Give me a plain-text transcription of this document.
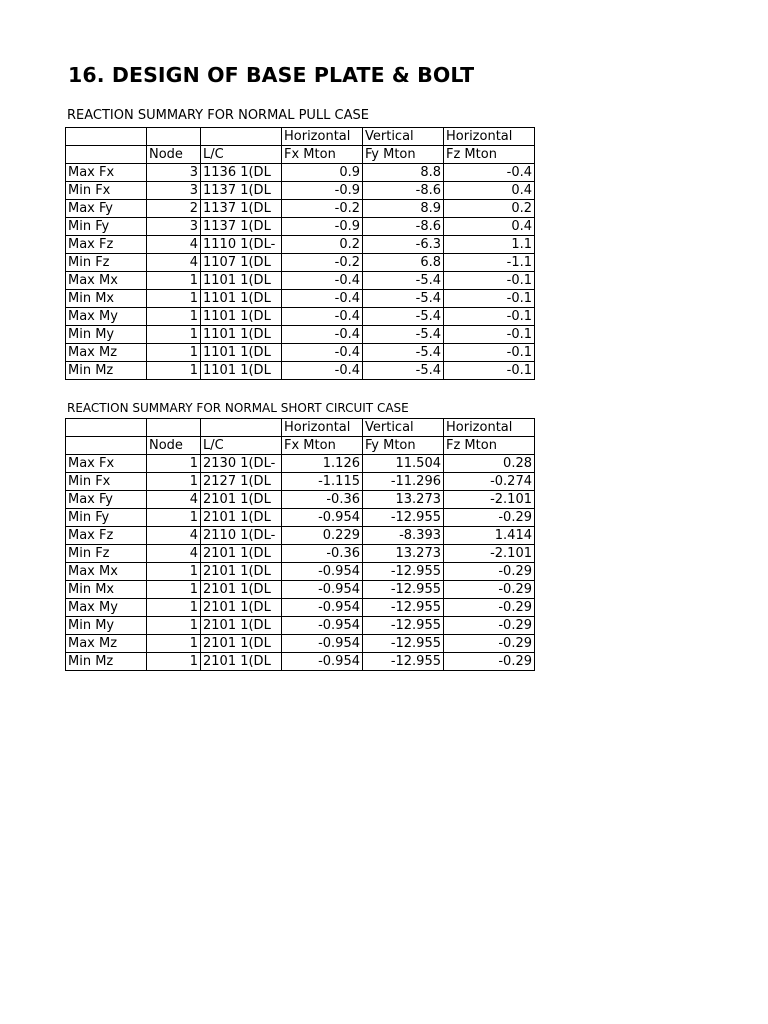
16. DESIGN OF BASE PLATE & BOLT
REACTION SUMMARY FOR NORMAL PULL CASE
			Horizontal	Vertical	Horizontal
	Node	L/C	Fx Mton	Fy Mton	Fz Mton
Max Fx	3	1136 1(DL	0.9	8.8	-0.4
Min Fx	3	1137 1(DL	-0.9	-8.6	0.4
Max Fy	2	1137 1(DL	-0.2	8.9	0.2
Min Fy	3	1137 1(DL	-0.9	-8.6	0.4
Max Fz	4	1110 1(DL-	0.2	-6.3	1.1
Min Fz	4	1107 1(DL	-0.2	6.8	-1.1
Max Mx	1	1101 1(DL	-0.4	-5.4	-0.1
Min Mx	1	1101 1(DL	-0.4	-5.4	-0.1
Max My	1	1101 1(DL	-0.4	-5.4	-0.1
Min My	1	1101 1(DL	-0.4	-5.4	-0.1
Max Mz	1	1101 1(DL	-0.4	-5.4	-0.1
Min Mz	1	1101 1(DL	-0.4	-5.4	-0.1
REACTION SUMMARY FOR NORMAL SHORT CIRCUIT CASE
			Horizontal	Vertical	Horizontal
	Node	L/C	Fx Mton	Fy Mton	Fz Mton
Max Fx	1	2130 1(DL-	1.126	11.504	0.28
Min Fx	1	2127 1(DL	-1.115	-11.296	-0.274
Max Fy	4	2101 1(DL	-0.36	13.273	-2.101
Min Fy	1	2101 1(DL	-0.954	-12.955	-0.29
Max Fz	4	2110 1(DL-	0.229	-8.393	1.414
Min Fz	4	2101 1(DL	-0.36	13.273	-2.101
Max Mx	1	2101 1(DL	-0.954	-12.955	-0.29
Min Mx	1	2101 1(DL	-0.954	-12.955	-0.29
Max My	1	2101 1(DL	-0.954	-12.955	-0.29
Min My	1	2101 1(DL	-0.954	-12.955	-0.29
Max Mz	1	2101 1(DL	-0.954	-12.955	-0.29
Min Mz	1	2101 1(DL	-0.954	-12.955	-0.29
